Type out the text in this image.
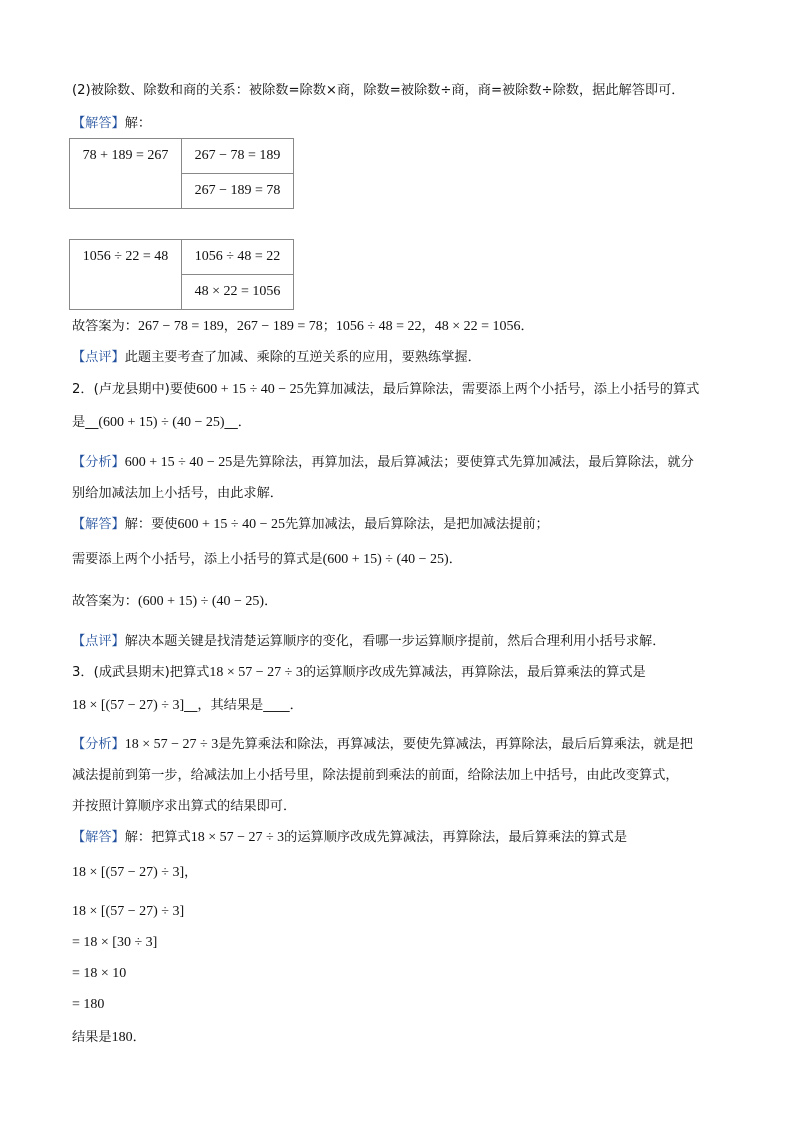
(2)被除数、除数和商的关系：被除数=除数×商，除数=被除数÷商，商=被除数÷除数，据此解答即可．
【解答】解：
78 + 189 = 267	267 − 78 = 189
267 − 189 = 78
1056 ÷ 22 = 48	1056 ÷ 48 = 22
48 × 22 = 1056
故答案为：267 − 78 = 189，267 − 189 = 78；1056 ÷ 48 = 22，48 × 22 = 1056．
【点评】此题主要考查了加减、乘除的互逆关系的应用，要熟练掌握．
2．(卢龙县期中)要使600 + 15 ÷ 40 − 25先算加减法，最后算除法，需要添上两个小括号，添上小括号的算式
是__(600 + 15) ÷ (40 − 25)__．
【分析】600 + 15 ÷ 40 − 25是先算除法，再算加法，最后算减法；要使算式先算加减法，最后算除法，就分
别给加减法加上小括号，由此求解．
【解答】解：要使600 + 15 ÷ 40 − 25先算加减法，最后算除法，是把加减法提前；
需要添上两个小括号，添上小括号的算式是(600 + 15) ÷ (40 − 25)．
故答案为：(600 + 15) ÷ (40 − 25)．
【点评】解决本题关键是找清楚运算顺序的变化，看哪一步运算顺序提前，然后合理利用小括号求解．
3．(成武县期末)把算式18 × 57 − 27 ÷ 3的运算顺序改成先算减法，再算除法，最后算乘法的算式是
18 × [(57 − 27) ÷ 3]__，其结果是____．
【分析】18 × 57 − 27 ÷ 3是先算乘法和除法，再算减法，要使先算减法，再算除法，最后后算乘法，就是把
减法提前到第一步，给减法加上小括号里，除法提前到乘法的前面，给除法加上中括号，由此改变算式，
并按照计算顺序求出算式的结果即可．
【解答】解：把算式18 × 57 − 27 ÷ 3的运算顺序改成先算减法，再算除法，最后算乘法的算式是
18 × [(57 − 27) ÷ 3]，
18 × [(57 − 27) ÷ 3]
= 18 × [30 ÷ 3]
= 18 × 10
= 180
结果是180．
